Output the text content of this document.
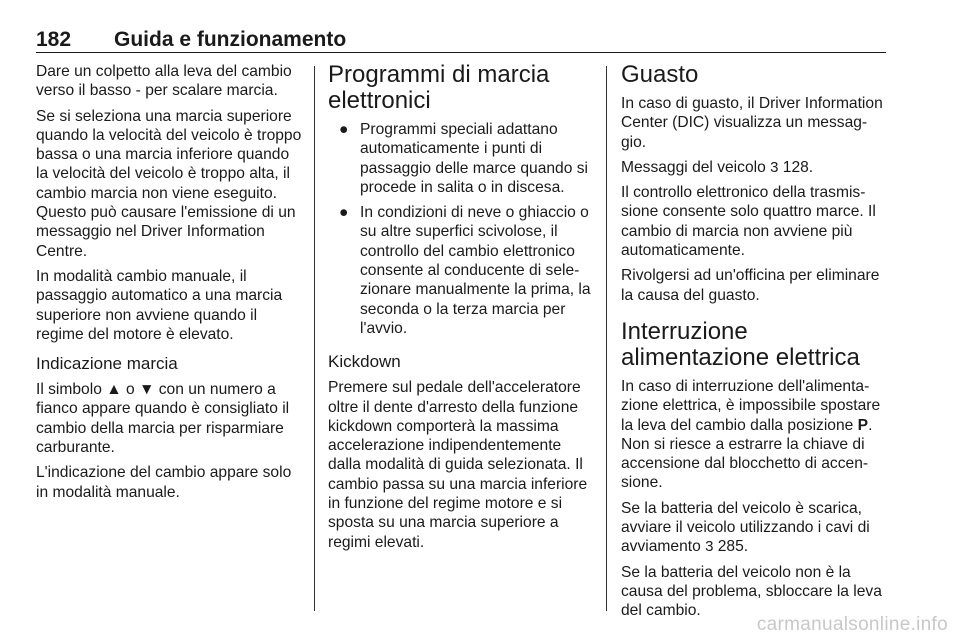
182 Guida e funzionamento

Dare un colpetto alla leva del cambio verso il basso - per scalare marcia.

Se si seleziona una marcia superiore quando la velocità del veicolo è troppo bassa o una marcia inferiore quando la velocità del veicolo è troppo alta, il cambio marcia non viene eseguito. Questo può causare l'emissione di un messaggio nel Driver Information Centre.

In modalità cambio manuale, il passaggio automatico a una marcia superiore non avviene quando il regime del motore è elevato.

Indicazione marcia

Il simbolo ▲ o ▼ con un numero a fianco appare quando è consigliato il cambio della marcia per risparmiare carburante.

L'indicazione del cambio appare solo in modalità manuale.

Programmi di marcia elettronici
● Programmi speciali adattano automaticamente i punti di passaggio delle marce quando si procede in salita o in discesa.
● In condizioni di neve o ghiaccio o su altre superfici scivolose, il controllo del cambio elettronico consente al conducente di sele‐zionare manualmente la prima, la seconda o la terza marcia per l'avvio.
Kickdown

Premere sul pedale dell'acceleratore oltre il dente d'arresto della funzione kickdown comporterà la massima accelerazione indipendentemente dalla modalità di guida selezionata. Il cambio passa su una marcia inferiore in funzione del regime motore e si sposta su una marcia superiore a regimi elevati.

Guasto

In caso di guasto, il Driver Information Center (DIC) visualizza un messag‐gio.

Messaggi del veicolo 3 128.

Il controllo elettronico della trasmis‐sione consente solo quattro marce. Il cambio di marcia non avviene più automaticamente.

Rivolgersi ad un'officina per eliminare la causa del guasto.

Interruzione alimentazione elettrica

In caso di interruzione dell'alimenta‐zione elettrica, è impossibile spostare la leva del cambio dalla posizione P. Non si riesce a estrarre la chiave di accensione dal blocchetto di accen‐sione.

Se la batteria del veicolo è scarica, avviare il veicolo utilizzando i cavi di avviamento 3 285.

Se la batteria del veicolo non è la causa del problema, sbloccare la leva del cambio.

carmanualsonline.info
